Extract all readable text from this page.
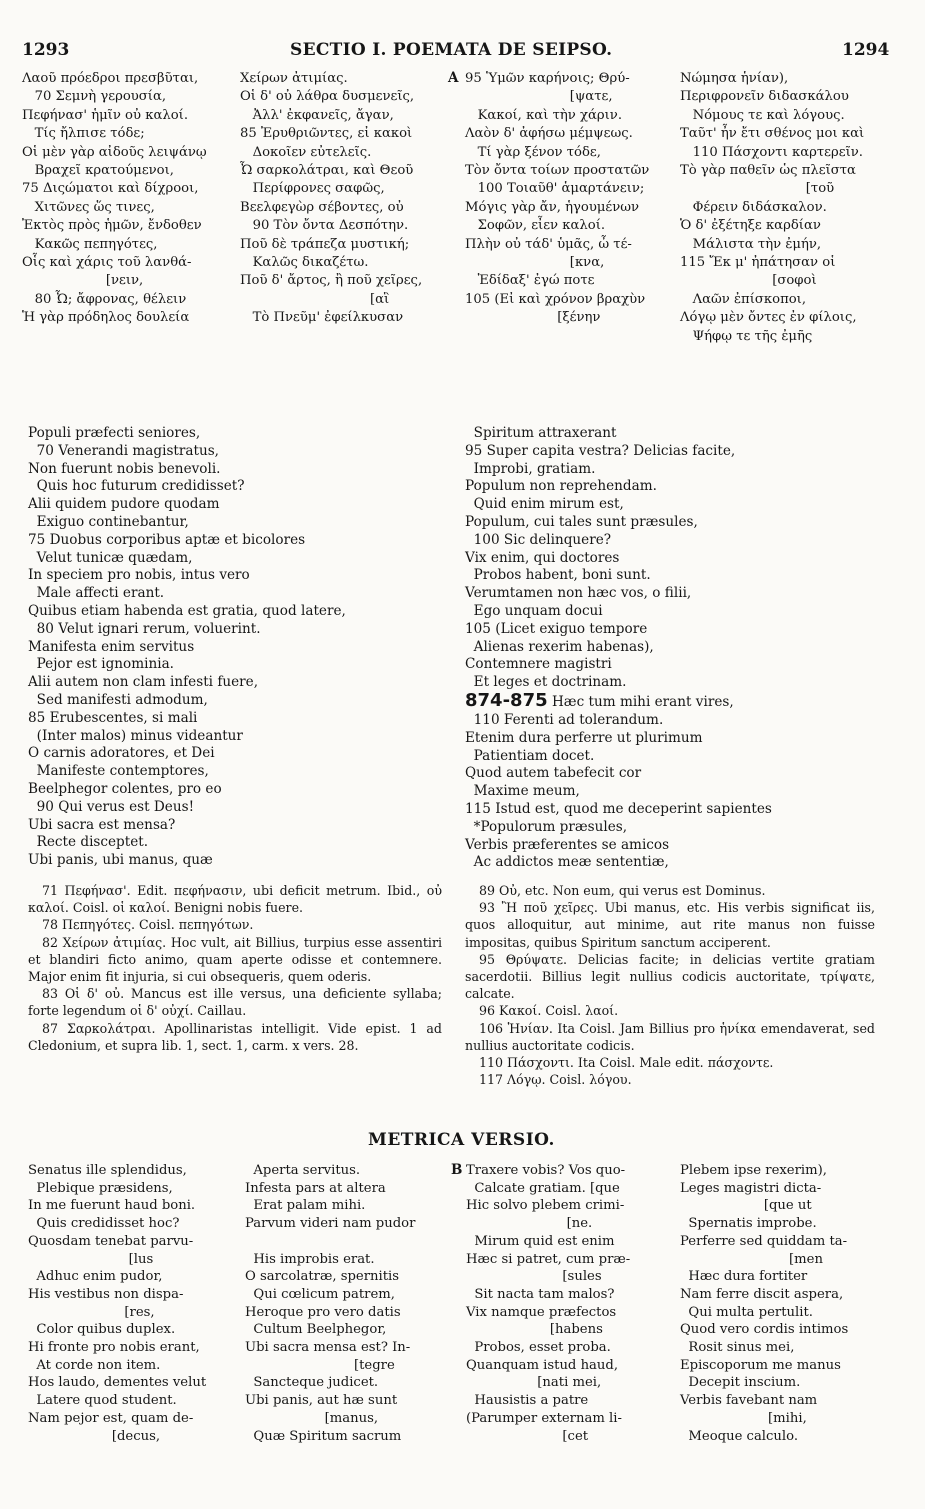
1293	SECTIO I. POEMATA DE SEIPSO.	1294
Λαοῦ πρόεδροι πρεσβῦται,
70 Σεμνὴ γερουσία,
Πεφήνασ' ἡμῖν οὐ καλοί.
Τίς ἤλπισε τόδε;
Οἱ μὲν γὰρ αἰδοῦς λειψάνῳ
Βραχεῖ κρατούμενοι,
75 Διςώματοι καὶ δίχροοι,
Χιτῶνες ὥς τινες,
Ἐκτὸς πρὸς ἡμῶν, ἔνδοθεν
Κακῶς πεπηγότες,
Οἷς καὶ χάρις τοῦ λανθά-
[νειν,
80 Ὦ; ἄφρονας, θέλειν
Ἡ γὰρ πρόδηλος δουλεία
Χείρων ἀτιμίας.
Οἱ δ' οὐ λάθρα δυσμενεῖς,
Ἀλλ' ἐκφανεῖς, ἄγαν,
85 Ἐρυθριῶντες, εἰ κακοὶ
Δοκοῖεν εὐτελεῖς.
Ὦ σαρκολάτραι, καὶ Θεοῦ
Περίφρονες σαφῶς,
Βεελφεγὼρ σέβοντες, οὐ
90 Τὸν ὄντα Δεσπότην.
Ποῦ δὲ τράπεζα μυστική;
Καλῶς δικαζέτω.
Ποῦ δ' ἄρτος, ἢ ποῦ χεῖρες,
[αἳ
Τὸ Πνεῦμ' ἐφείλκυσαν
A 95 Ὑμῶν καρήνοις; Θρύ-
[ψατε,
Κακοί, καὶ τὴν χάριν.
Λαὸν δ' ἀφήσω μέμψεως.
Τί γὰρ ξένον τόδε,
Τὸν ὄντα τοίων προστατῶν
100 Τοιαῦθ' ἁμαρτάνειν;
Μόγις γὰρ ἄν, ἡγουμένων
Σοφῶν, εἶεν καλοί.
Πλὴν οὐ τάδ' ὑμᾶς, ὦ τέ-
[κνα,
Ἐδίδαξ' ἐγώ ποτε
105 (Εἰ καὶ χρόνον βραχὺν
[ξένην
Νώμησα ἡνίαν),
Περιφρονεῖν διδασκάλου
Νόμους τε καὶ λόγους.
Ταῦτ' ἦν ἔτι σθένος μοι καὶ
110 Πάσχοντι καρτερεῖν.
Τὸ γὰρ παθεῖν ὡς πλεῖστα
[τοῦ
Φέρειν διδάσκαλον.
Ὁ δ' ἐξέτηξε καρδίαν
Μάλιστα τὴν ἐμήν,
115 Ἔκ μ' ἠπάτησαν οἱ
[σοφοὶ
Λαῶν ἐπίσκοποι,
Λόγῳ μὲν ὄντες ἐν φίλοις,
Ψήφῳ τε τῆς ἐμῆς
Populi præfecti seniores,
70 Venerandi magistratus,
Non fuerunt nobis benevoli.
Quis hoc futurum credidisset?
Alii quidem pudore quodam
Exiguo continebantur,
75 Duobus corporibus aptæ et bicolores
Velut tunicæ quædam,
In speciem pro nobis, intus vero
Male affecti erant.
Quibus etiam habenda est gratia, quod latere,
80 Velut ignari rerum, voluerint.
Manifesta enim servitus
Pejor est ignominia.
Alii autem non clam infesti fuere,
Sed manifesti admodum,
85 Erubescentes, si mali
(Inter malos) minus videantur
O carnis adoratores, et Dei
Manifeste contemptores,
Beelphegor colentes, pro eo
90 Qui verus est Deus!
Ubi sacra est mensa?
Recte disceptet.
Ubi panis, ubi manus, quæ
Spiritum attraxerant
95 Super capita vestra? Delicias facite,
Improbi, gratiam.
Populum non reprehendam.
Quid enim mirum est,
Populum, cui tales sunt præsules,
100 Sic delinquere?
Vix enim, qui doctores
Probos habent, boni sunt.
Verumtamen non hæc vos, o filii,
Ego unquam docui
105 (Licet exiguo tempore
Alienas rexerim habenas),
Contemnere magistri
Et leges et doctrinam.
874-875 Hæc tum mihi erant vires,
110 Ferenti ad tolerandum.
Etenim dura perferre ut plurimum
Patientiam docet.
Quod autem tabefecit cor
Maxime meum,
115 Istud est, quod me deceperint sapientes
*Populorum præsules,
Verbis præferentes se amicos
Ac addictos meæ sententiæ,

71 Πεφήνασ'. Edit. πεφήνασιν, ubi deficit metrum. Ibid., οὐ καλοί. Coisl. οἱ καλοί. Benigni nobis fuere.

78 Πεπηγότες. Coisl. πεπηγότων.

82 Χείρων ἀτιμίας. Hoc vult, ait Billius, turpius esse assentiri et blandiri ficto animo, quam aperte odisse et contemnere. Major enim fit injuria, si cui obsequeris, quem oderis.

83 Οἱ δ' οὐ. Mancus est ille versus, una deficiente syllaba; forte legendum οἱ δ' οὐχί. Caillau.

87 Σαρκολάτραι. Apollinaristas intelligit. Vide epist. 1 ad Cledonium, et supra lib. 1, sect. 1, carm. x vers. 28.

89 Οὐ, etc. Non eum, qui verus est Dominus.

93 Ἢ ποῦ χεῖρες. Ubi manus, etc. His verbis significat iis, quos alloquitur, aut minime, aut rite manus non fuisse impositas, quibus Spiritum sanctum acciperent.

95 Θρύψατε. Delicias facite; in delicias vertite gratiam sacerdotii. Billius legit nullius codicis auctoritate, τρίψατε, calcate.

96 Κακοί. Coisl. λαοί.

106 Ἡνίαν. Ita Coisl. Jam Billius pro ἡνίκα emendaverat, sed nullius auctoritate codicis.

110 Πάσχοντι. Ita Coisl. Male edit. πάσχοντε.

117 Λόγῳ. Coisl. λόγου.

METRICA VERSIO.
Senatus ille splendidus,
Plebique præsidens,
In me fuerunt haud boni.
Quis credidisset hoc?
Quosdam tenebat parvu-
[lus
Adhuc enim pudor,
His vestibus non dispa-
[res,
Color quibus duplex.
Hi fronte pro nobis erant,
At corde non item.
Hos laudo, dementes velut
Latere quod student.
Nam pejor est, quam de-
[decus,
Aperta servitus.
Infesta pars at altera
Erat palam mihi.
Parvum videri nam pudor

His improbis erat.
O sarcolatræ, spernitis
Qui cœlicum patrem,
Heroque pro vero datis
Cultum Beelphegor,
Ubi sacra mensa est? In-
[tegre
Sancteque judicet.
Ubi panis, aut hæ sunt
[manus,
Quæ Spiritum sacrum
B Traxere vobis? Vos quo-
Calcate gratiam. [que
Hic solvo plebem crimi-
[ne.
Mirum quid est enim
Hæc si patret, cum præ-
[sules
Sit nacta tam malos?
Vix namque præfectos
[habens
Probos, esset proba.
Quanquam istud haud,
[nati mei,
Hausistis a patre
(Parumper externam li-
[cet
Plebem ipse rexerim),
Leges magistri dicta-
[que ut
Spernatis improbe.
Perferre sed quiddam ta-
[men
Hæc dura fortiter
Nam ferre discit aspera,
Qui multa pertulit.
Quod vero cordis intimos
Rosit sinus mei,
Episcoporum me manus
Decepit inscium.
Verbis favebant nam
[mihi,
Meoque calculo.
